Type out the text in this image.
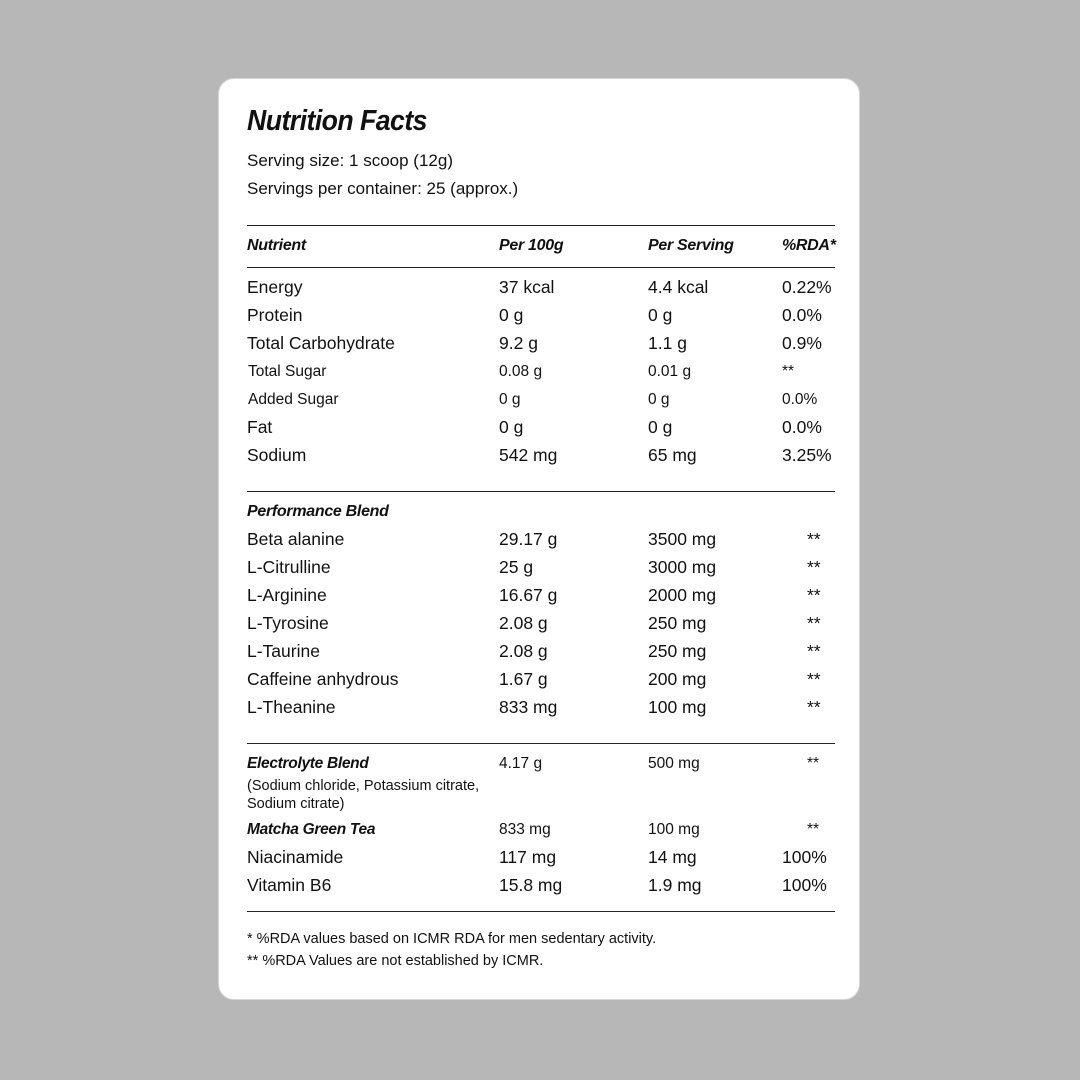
Nutrition Facts
Serving size: 1 scoop (12g)
Servings per container: 25 (approx.)
Nutrient	Per 100g	Per Serving	%RDA*
Energy	37 kcal	4.4 kcal	0.22%
Protein	0 g	0 g	0.0%
Total Carbohydrate	9.2 g	1.1 g	0.9%
Total Sugar	0.08 g	0.01 g	**
Added Sugar	0 g	0 g	0.0%
Fat	0 g	0 g	0.0%
Sodium	542 mg	65 mg	3.25%
Performance Blend
Beta alanine	29.17 g	3500 mg	**
L-Citrulline	25 g	3000 mg	**
L-Arginine	16.67 g	2000 mg	**
L-Tyrosine	2.08 g	250 mg	**
L-Taurine	2.08 g	250 mg	**
Caffeine anhydrous	1.67 g	200 mg	**
L-Theanine	833 mg	100 mg	**
Electrolyte Blend	4.17 g	500 mg	**
(Sodium chloride, Potassium citrate,
Sodium citrate)
Matcha Green Tea	833 mg	100 mg	**
Niacinamide	117 mg	14 mg	100%
Vitamin B6	15.8 mg	1.9 mg	100%
* %RDA values based on ICMR RDA for men sedentary activity.
** %RDA Values are not established by ICMR.
